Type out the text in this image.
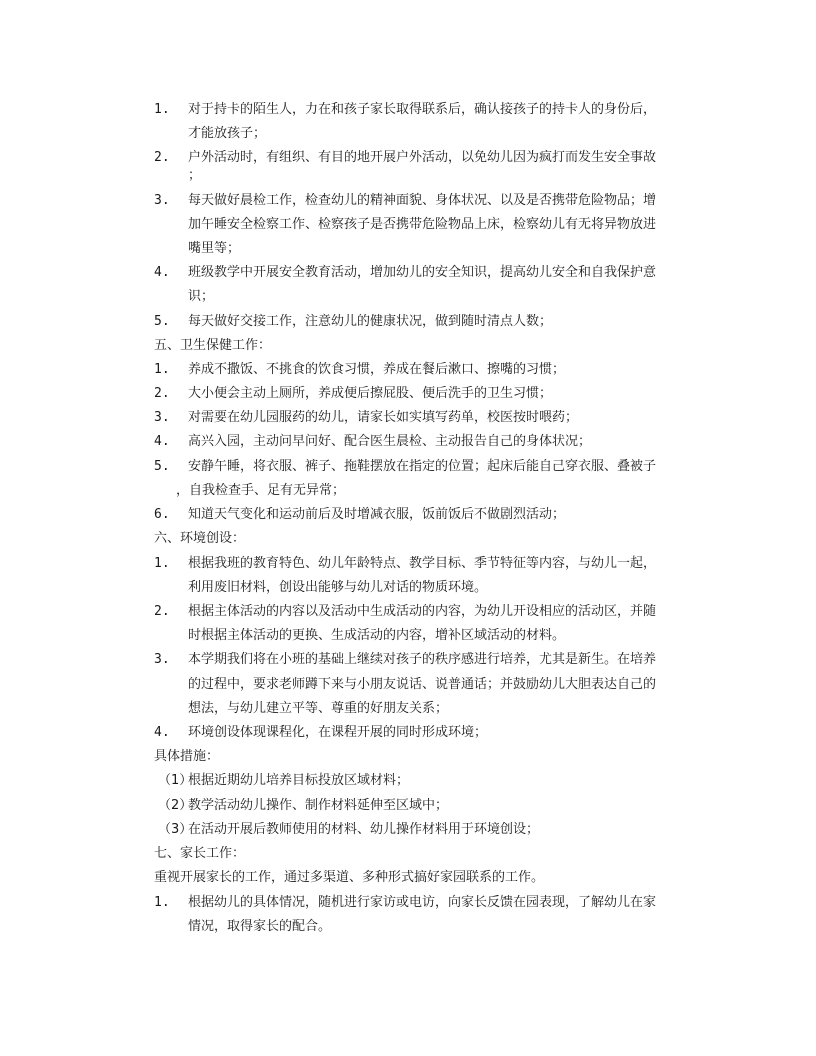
1. 对于持卡的陌生人，力在和孩子家长取得联系后，确认接孩子的持卡人的身份后，
才能放孩子；
2. 户外活动时，有组织、有目的地开展户外活动，以免幼儿因为疯打而发生安全事故
；
3. 每天做好晨检工作，检查幼儿的精神面貌、身体状况、以及是否携带危险物品；增
加午睡安全检察工作、检察孩子是否携带危险物品上床，检察幼儿有无将异物放进
嘴里等；
4. 班级教学中开展安全教育活动，增加幼儿的安全知识，提高幼儿安全和自我保护意
识；
5. 每天做好交接工作，注意幼儿的健康状况，做到随时清点人数；
五、卫生保健工作：
1. 养成不撒饭、不挑食的饮食习惯，养成在餐后漱口、擦嘴的习惯；
2. 大小便会主动上厕所，养成便后擦屁股、便后洗手的卫生习惯；
3. 对需要在幼儿园服药的幼儿，请家长如实填写药单，校医按时喂药；
4. 高兴入园，主动问早问好、配合医生晨检、主动报告自己的身体状况；
5. 安静午睡，将衣服、裤子、拖鞋摆放在指定的位置；起床后能自己穿衣服、叠被子
，自我检查手、足有无异常；
6. 知道天气变化和运动前后及时增减衣服，饭前饭后不做剧烈活动；
六、环境创设：
1. 根据我班的教育特色、幼儿年龄特点、教学目标、季节特征等内容，与幼儿一起，
利用废旧材料，创设出能够与幼儿对话的物质环境。
2. 根据主体活动的内容以及活动中生成活动的内容，为幼儿开设相应的活动区，并随
时根据主体活动的更换、生成活动的内容，增补区域活动的材料。
3. 本学期我们将在小班的基础上继续对孩子的秩序感进行培养，尤其是新生。在培养
的过程中，要求老师蹲下来与小朋友说话、说普通话；并鼓励幼儿大胆表达自己的
想法，与幼儿建立平等、尊重的好朋友关系；
4. 环境创设体现课程化，在课程开展的同时形成环境；
具体措施：
（1）
根据近期幼儿培养目标投放区域材料；
（2）
教学活动幼儿操作、制作材料延伸至区域中；
（3）
在活动开展后教师使用的材料、幼儿操作材料用于环境创设；
七、家长工作：
重视开展家长的工作，通过多渠道、多种形式搞好家园联系的工作。
1. 根据幼儿的具体情况，随机进行家访或电访，向家长反馈在园表现，了解幼儿在家
情况，取得家长的配合。
